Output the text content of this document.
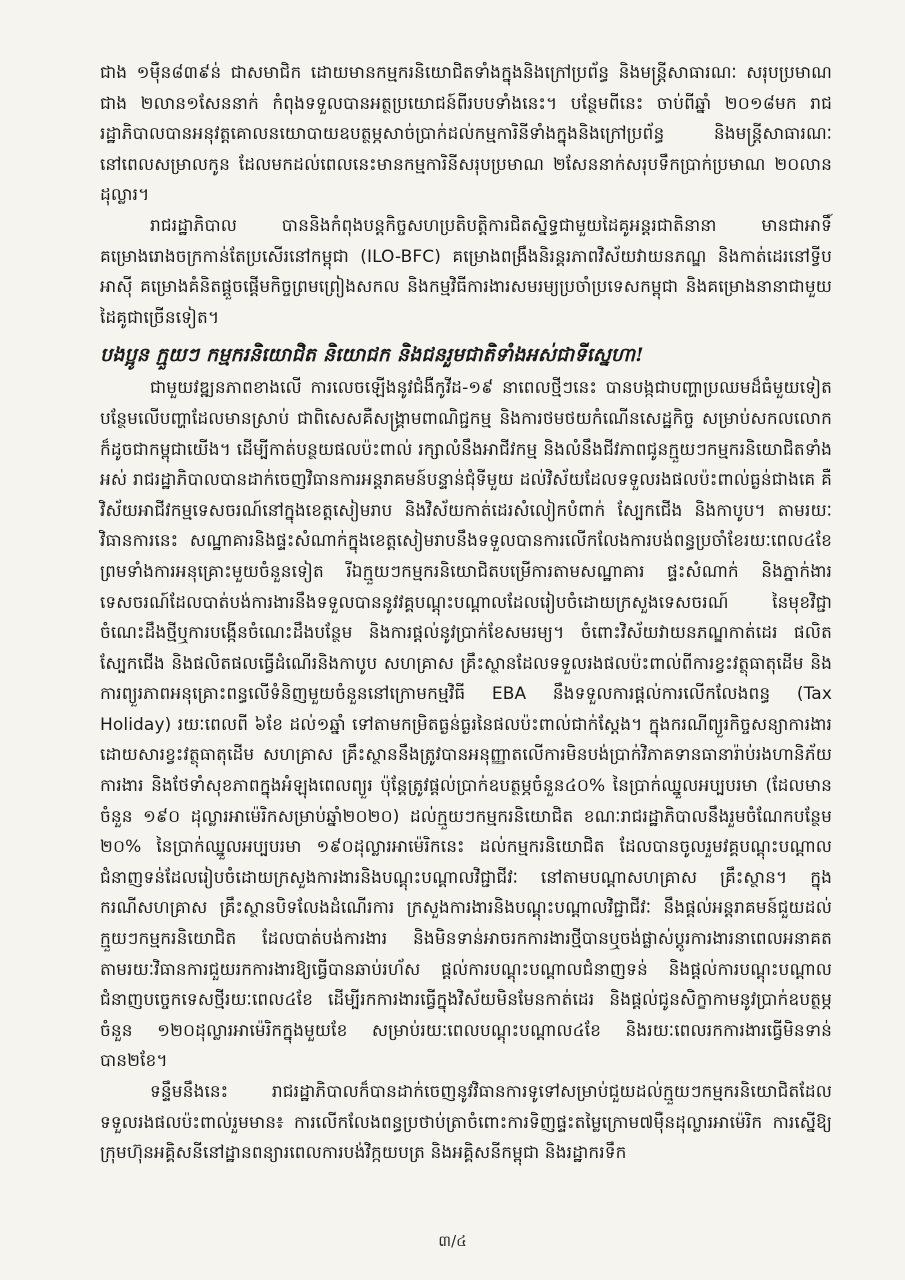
ជាង ១ម៉ឺន៨៣៩ន់ ជាសមាជិក ដោយមានកម្មករនិយោជិតទាំងក្នុងនិងក្រៅប្រព័ន្ធ និងមន្ត្រីសាធារណៈ សរុបប្រមាណជាង ២លាន១សែននាក់ កំពុងទទួលបានអត្ថប្រយោជន៍ពីរបបទាំងនេះ។ បន្ថែមពីនេះ ចាប់ពីឆ្នាំ ២០១៨មក រាជរដ្ឋាភិបាលបានអនុវត្តគោលនយោបាយឧបត្ថម្ភសាច់ប្រាក់ដល់កម្មការិនីទាំងក្នុងនិងក្រៅប្រព័ន្ធ និងមន្ត្រីសាធារណៈ នៅពេលសម្រាលកូន ដែលមកដល់ពេលនេះមានកម្មការិនីសរុបប្រមាណ ២សែននាក់សរុបទឹកប្រាក់ប្រមាណ ២០លានដុល្លារ។

រាជរដ្ឋាភិបាល បាននិងកំពុងបន្តកិច្ចសហប្រតិបត្តិការជិតស្និទ្ធជាមួយដៃគូអន្តរជាតិនានា មានជាអាទិ៍ គម្រោងរោងចក្រកាន់តែប្រសើរនៅកម្ពុជា (ILO-BFC) គម្រោងពង្រឹងនិរន្តរភាពវិស័យវាយនភណ្ឌ និងកាត់ដេរនៅទ្វីបអាស៊ី គម្រោងគំនិតផ្តួចផ្តើមកិច្ចព្រមព្រៀងសកល និងកម្មវិធីការងារសមរម្យប្រចាំប្រទេសកម្ពុជា និងគម្រោងនានាជាមួយដៃគូជាច្រើនទៀត។

បងប្អូន ក្មួយៗ កម្មករនិយោជិត និយោជក និងជនរួមជាតិទាំងអស់ជាទីស្នេហា!

ជាមួយវឌ្ឍនភាពខាងលើ ការលេចឡើងនូវជំងឺកូវីដ-១៩ នាពេលថ្មីៗនេះ បានបង្កជាបញ្ហាប្រឈមដ៏ធំមួយទៀត បន្ថែមលើបញ្ហាដែលមានស្រាប់ ជាពិសេសគឺសង្គ្រាមពាណិជ្ជកម្ម និងការថមថយកំណើនសេដ្ឋកិច្ច សម្រាប់សកលលោកក៏ដូចជាកម្ពុជាយើង។ ដើម្បីកាត់បន្ថយផលប៉ះពាល់ រក្សាលំនឹងអាជីវកម្ម និងលំនឹងជីវភាពជូនក្មួយៗកម្មករនិយោជិតទាំងអស់ រាជរដ្ឋាភិបាលបានដាក់ចេញវិធានការអន្តរាគមន៍បន្ទាន់ជុំទីមួយ ដល់វិស័យដែលទទួលរងផលប៉ះពាល់ធ្ងន់ជាងគេ គឺវិស័យអាជីវកម្មទេសចរណ៍នៅក្នុងខេត្តសៀមរាប និងវិស័យកាត់ដេរសំលៀកបំពាក់ ស្បែកជើង និងកាបូប។ តាមរយៈវិធានការនេះ សណ្ឋាគារនិងផ្ទះសំណាក់ក្នុងខេត្តសៀមរាបនឹងទទួលបានការលើកលែងការបង់ពន្ធប្រចាំខែរយៈពេល៤ខែ ព្រមទាំងការអនុគ្រោះមួយចំនួនទៀត រីឯក្មួយៗកម្មករនិយោជិតបម្រើការតាមសណ្ឋាគារ ផ្ទះសំណាក់ និងភ្នាក់ងារទេសចរណ៍ដែលបាត់បង់ការងារនឹងទទួលបាននូវវគ្គបណ្តុះបណ្តាលដែលរៀបចំដោយក្រសួងទេសចរណ៍ នៃមុខវិជ្ជាចំណេះដឹងថ្មីឬការបង្កើនចំណេះដឹងបន្ថែម និងការផ្តល់នូវប្រាក់ខែសមរម្យ។ ចំពោះវិស័យវាយនភណ្ឌកាត់ដេរ ផលិតស្បែកជើង និងផលិតផលធ្វើដំណើរនិងកាបូប សហគ្រាស គ្រឹះស្ថានដែលទទួលរងផលប៉ះពាល់ពីការខ្វះវត្ថុធាតុដើម និងការព្យួរភាពអនុគ្រោះពន្ធលើទំនិញមួយចំនួននៅក្រោមកម្មវិធី EBA នឹងទទួលការផ្តល់ការលើកលែងពន្ធ (Tax Holiday) រយៈពេលពី ៦ខែ ដល់១ឆ្នាំ ទៅតាមកម្រិតធ្ងន់ធ្ងរនៃផលប៉ះពាល់ជាក់ស្តែង។ ក្នុងករណីព្យួរកិច្ចសន្យាការងារដោយសារខ្វះវត្ថុធាតុដើម សហគ្រាស គ្រឹះស្ថាននឹងត្រូវបានអនុញ្ញាតលើការមិនបង់ប្រាក់វិភាគទានធានារ៉ាប់រងហានិភ័យការងារ និងថែទាំសុខភាពក្នុងអំឡុងពេលព្យួរ ប៉ុន្តែត្រូវផ្តល់ប្រាក់ឧបត្ថម្ភចំនួន៤០% នៃប្រាក់ឈ្នួលអប្បបរមា (ដែលមានចំនួន ១៩០ ដុល្លារអាម៉េរិកសម្រាប់ឆ្នាំ២០២០) ដល់ក្មួយៗកម្មករនិយោជិត ខណៈរាជរដ្ឋាភិបាលនឹងរួមចំណែកបន្ថែម ២០% នៃប្រាក់ឈ្នួលអប្បបរមា ១៩០ដុល្លារអាម៉េរិកនេះ ដល់កម្មករនិយោជិត ដែលបានចូលរួមវគ្គបណ្តុះបណ្តាលជំនាញទន់ដែលរៀបចំដោយក្រសួងការងារនិងបណ្តុះបណ្តាលវិជ្ជាជីវៈ នៅតាមបណ្តាសហគ្រាស គ្រឹះស្ថាន។ ក្នុងករណីសហគ្រាស គ្រឹះស្ថានបិទលែងដំណើរការ ក្រសួងការងារនិងបណ្តុះបណ្តាលវិជ្ជាជីវៈ នឹងផ្តល់អន្តរាគមន៍ជួយដល់ក្មួយៗកម្មករនិយោជិត ដែលបាត់បង់ការងារ និងមិនទាន់អាចរកការងារថ្មីបានឬចង់ផ្លាស់ប្តូរការងារនាពេលអនាគត តាមរយៈវិធានការជួយរកការងារឱ្យធ្វើបានឆាប់រហ័ស ផ្តល់ការបណ្តុះបណ្តាលជំនាញទន់ និងផ្តល់ការបណ្តុះបណ្តាលជំនាញបច្ចេកទេសថ្មីរយៈពេល៤ខែ ដើម្បីរកការងារធ្វើក្នុងវិស័យមិនមែនកាត់ដេរ និងផ្តល់ជូនសិក្ខាកាមនូវប្រាក់ឧបត្ថម្ភចំនួន ១២០ដុល្លារអាម៉េរិកក្នុងមួយខែ សម្រាប់រយៈពេលបណ្តុះបណ្តាល៤ខែ និងរយៈពេលរកការងារធ្វើមិនទាន់បាន២ខែ។

ទន្ទឹមនឹងនេះ រាជរដ្ឋាភិបាលក៏បានដាក់ចេញនូវវិធានការទូទៅសម្រាប់ជួយដល់ក្មួយៗកម្មករនិយោជិតដែលទទួលរងផលប៉ះពាល់រួមមាន៖ ការលើកលែងពន្ធប្រថាប់ត្រាចំពោះការទិញផ្ទះតម្លៃក្រោម៧ម៉ឺនដុល្លារអាម៉េរិក ការស្នើឱ្យក្រុមហ៊ុនអគ្គិសនីនៅដ្ឋានពន្យារពេលការបង់វិក្កយបត្រ និងអគ្គិសនីកម្ពុជា និងរដ្ឋាករទឹក

៣/៤
